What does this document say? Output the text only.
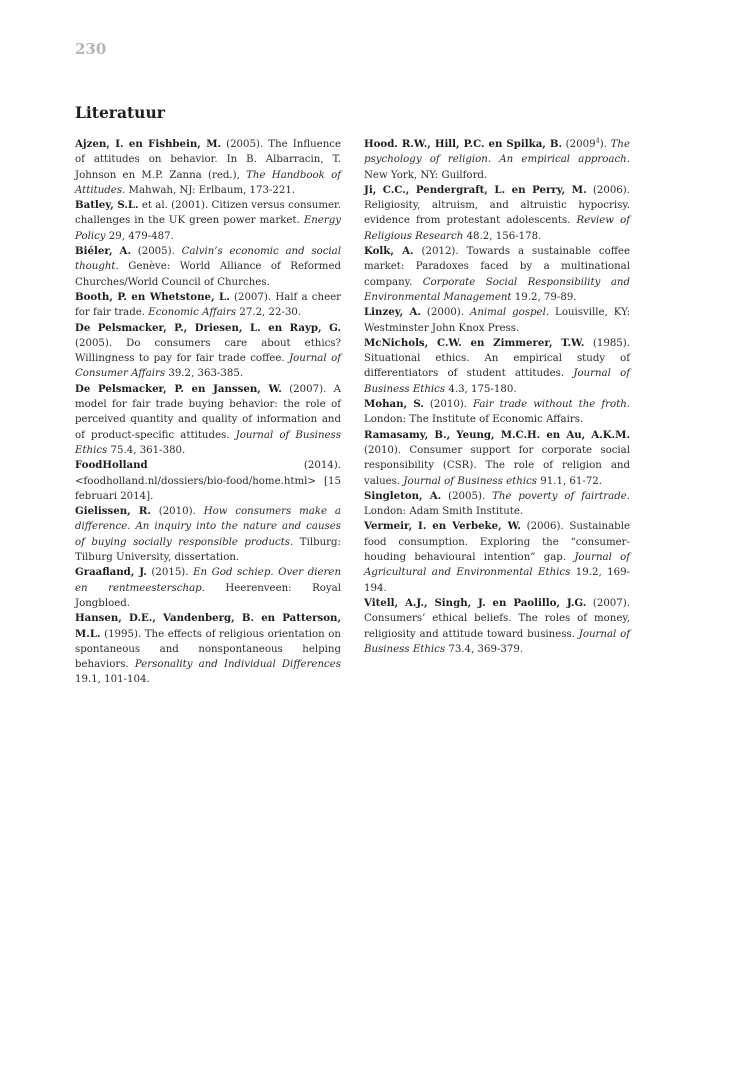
230
Literatuur

Ajzen, I. en Fishbein, M. (2005). The Influence of attitudes on behavior. In B. Albarracin, T. Johnson en M.P. Zanna (red.), The Handbook of Attitudes. Mahwah, NJ: Erlbaum, 173-221.

Batley, S.L. et al. (2001). Citizen versus consumer. challenges in the UK green power market. Energy Policy 29, 479-487.

Biéler, A. (2005). Calvin’s economic and social thought. Genève: World Alliance of Reformed Churches/World Council of Churches.

Booth, P. en Whetstone, L. (2007). Half a cheer for fair trade. Economic Affairs 27.2, 22-30.

De Pelsmacker, P., Driesen, L. en Rayp, G. (2005). Do consumers care about ethics? Willingness to pay for fair trade coffee. Journal of Consumer Affairs 39.2, 363-385.

De Pelsmacker, P. en Janssen, W. (2007). A model for fair trade buying behavior: the role of perceived quantity and quality of information and of product-specific attitudes. Journal of Business Ethics 75.4, 361-380.

FoodHolland (2014). <foodholland.nl/dossiers/bio-food/home.html> [15 februari 2014].

Gielissen, R. (2010). How consumers make a difference. An inquiry into the nature and causes of buying socially responsible products. Tilburg: Tilburg University, dissertation.

Graafland, J. (2015). En God schiep. Over dieren en rentmeesterschap. Heerenveen: Royal Jongbloed.

Hansen, D.E., Vandenberg, B. en Patterson, M.L. (1995). The effects of religious orientation on spontaneous and nonspontaneous helping behaviors. Personality and Individual Differences 19.1, 101-104.

Hood. R.W., Hill, P.C. en Spilka, B. (2009$^4$). The psychology of religion. An empirical approach. New York, NY: Guilford.

Ji, C.C., Pendergraft, L. en Perry, M. (2006). Religiosity, altruism, and altruistic hypocrisy. evidence from protestant adolescents. Review of Religious Research 48.2, 156-178.

Kolk, A. (2012). Towards a sustainable coffee market: Paradoxes faced by a multinational company. Corporate Social Responsibility and Environmental Management 19.2, 79-89.

Linzey, A. (2000). Animal gospel. Louisville, KY: Westminster John Knox Press.

McNichols, C.W. en Zimmerer, T.W. (1985). Situational ethics. An empirical study of differentiators of student attitudes. Journal of Business Ethics 4.3, 175-180.

Mohan, S. (2010). Fair trade without the froth. London: The Institute of Economic Affairs.

Ramasamy, B., Yeung, M.C.H. en Au, A.K.M. (2010). Consumer support for corporate social responsibility (CSR). The role of religion and values. Journal of Business ethics 91.1, 61-72.

Singleton, A. (2005). The poverty of fairtrade. London: Adam Smith Institute.

Vermeir, I. en Verbeke, W. (2006). Sustainable food consumption. Exploring the “consumer-houding behavioural intention” gap. Journal of Agricultural and Environmental Ethics 19.2, 169-194.

Vitell, A.J., Singh, J. en Paolillo, J.G. (2007). Consumers’ ethical beliefs. The roles of money, religiosity and attitude toward business. Journal of Business Ethics 73.4, 369-379.
